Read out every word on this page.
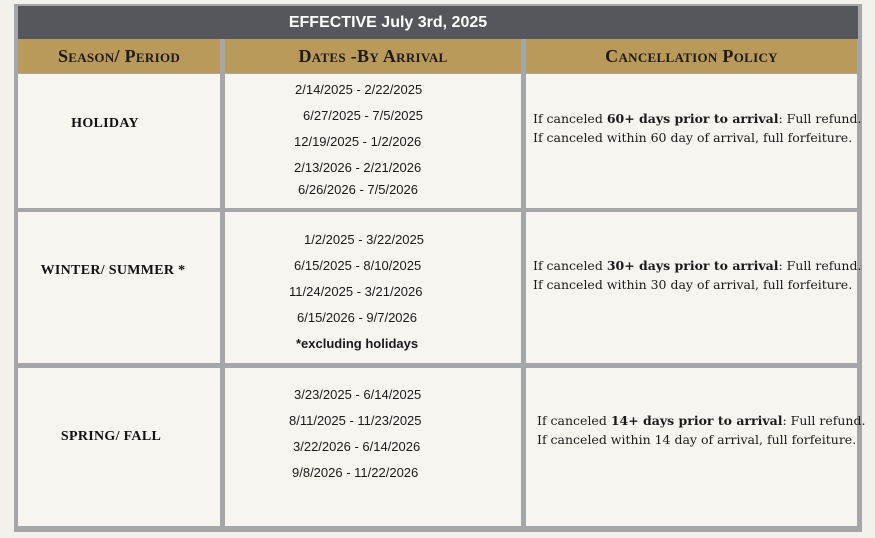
EFFECTIVE July 3rd, 2025
Season/ Period	Dates -By Arrival	Cancellation Policy
HOLIDAY
2/14/2025 - 2/22/2025
6/27/2025 - 7/5/2025
12/19/2025 - 1/2/2026
2/13/2026 - 2/21/2026
6/26/2026 - 7/5/2026
If canceled 60+ days prior to arrival: Full refund.
If canceled within 60 day of arrival, full forfeiture.
WINTER/ SUMMER *
1/2/2025 - 3/22/2025
6/15/2025 - 8/10/2025
11/24/2025 - 3/21/2026
6/15/2026 - 9/7/2026
*excluding holidays
If canceled 30+ days prior to arrival: Full refund.
If canceled within 30 day of arrival, full forfeiture.
SPRING/ FALL
3/23/2025 - 6/14/2025
8/11/2025 - 11/23/2025
3/22/2026 - 6/14/2026
9/8/2026 - 11/22/2026
If canceled 14+ days prior to arrival: Full refund.
If canceled within 14 day of arrival, full forfeiture.
